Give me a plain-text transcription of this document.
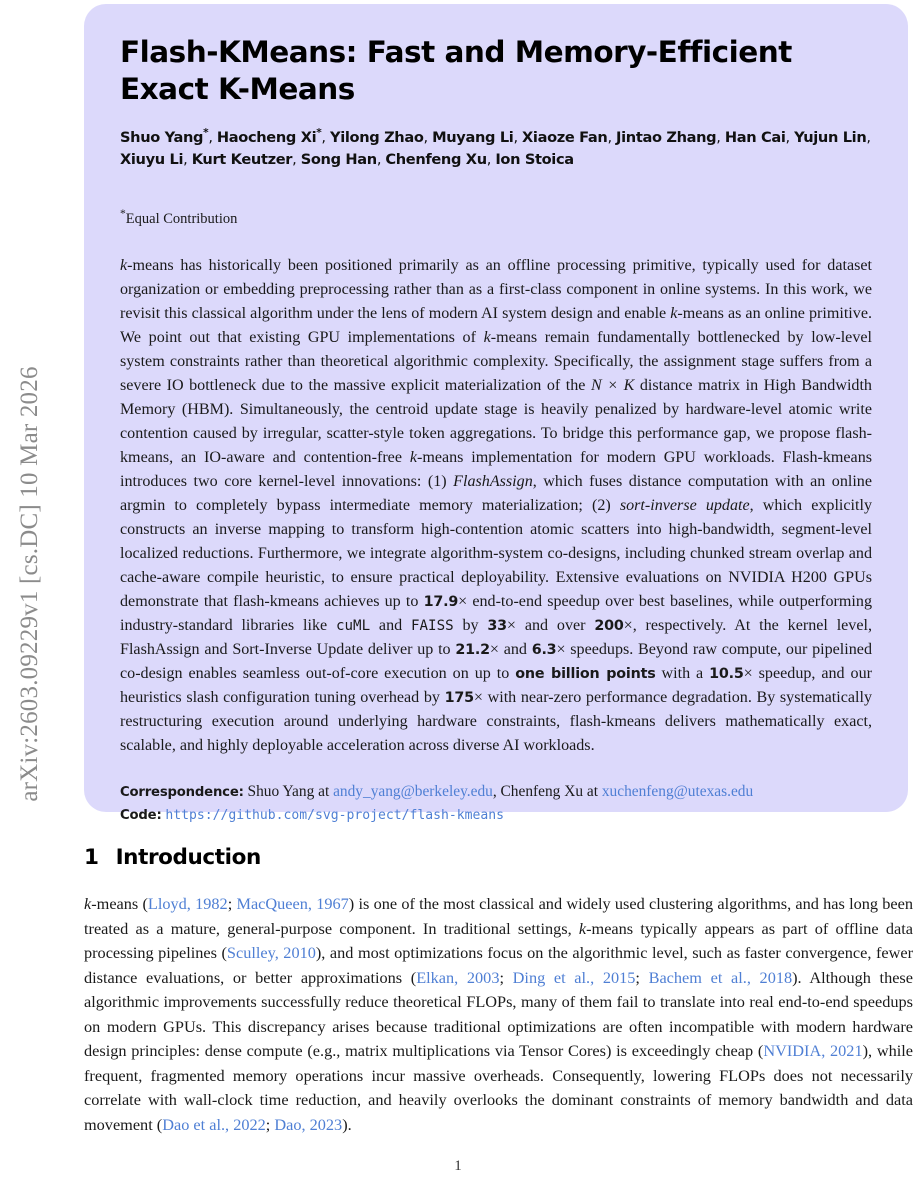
arXiv:2603.09229v1 [cs.DC] 10 Mar 2026
Flash-KMeans: Fast and Memory-Efficient Exact K-Means
Shuo Yang*, Haocheng Xi*, Yilong Zhao, Muyang Li, Xiaoze Fan, Jintao Zhang, Han Cai, Yujun Lin, Xiuyu Li, Kurt Keutzer, Song Han, Chenfeng Xu, Ion Stoica

*Equal Contribution

k-means has historically been positioned primarily as an offline processing primitive, typically used for dataset organization or embedding preprocessing rather than as a first-class component in online systems. In this work, we revisit this classical algorithm under the lens of modern AI system design and enable k-means as an online primitive. We point out that existing GPU implementations of k-means remain fundamentally bottlenecked by low-level system constraints rather than theoretical algorithmic complexity. Specifically, the assignment stage suffers from a severe IO bottleneck due to the massive explicit materialization of the N × K distance matrix in High Bandwidth Memory (HBM). Simultaneously, the centroid update stage is heavily penalized by hardware-level atomic write contention caused by irregular, scatter-style token aggregations. To bridge this performance gap, we propose flash-kmeans, an IO-aware and contention-free k-means implementation for modern GPU workloads. Flash-kmeans introduces two core kernel-level innovations: (1) FlashAssign, which fuses distance computation with an online argmin to completely bypass intermediate memory materialization; (2) sort-inverse update, which explicitly constructs an inverse mapping to transform high-contention atomic scatters into high-bandwidth, segment-level localized reductions. Furthermore, we integrate algorithm-system co-designs, including chunked stream overlap and cache-aware compile heuristic, to ensure practical deployability. Extensive evaluations on NVIDIA H200 GPUs demonstrate that flash-kmeans achieves up to 17.9× end-to-end speedup over best baselines, while outperforming industry-standard libraries like cuML and FAISS by 33× and over 200×, respectively. At the kernel level, FlashAssign and Sort-Inverse Update deliver up to 21.2× and 6.3× speedups. Beyond raw compute, our pipelined co-design enables seamless out-of-core execution on up to one billion points with a 10.5× speedup, and our heuristics slash configuration tuning overhead by 175× with near-zero performance degradation. By systematically restructuring execution around underlying hardware constraints, flash-kmeans delivers mathematically exact, scalable, and highly deployable acceleration across diverse AI workloads.

Correspondence: Shuo Yang at andy_yang@berkeley.edu, Chenfeng Xu at xuchenfeng@utexas.edu
Code: https://github.com/svg-project/flash-kmeans
1 Introduction

k-means (Lloyd, 1982; MacQueen, 1967) is one of the most classical and widely used clustering algorithms, and has long been treated as a mature, general-purpose component. In traditional settings, k-means typically appears as part of offline data processing pipelines (Sculley, 2010), and most optimizations focus on the algorithmic level, such as faster convergence, fewer distance evaluations, or better approximations (Elkan, 2003; Ding et al., 2015; Bachem et al., 2018). Although these algorithmic improvements successfully reduce theoretical FLOPs, many of them fail to translate into real end-to-end speedups on modern GPUs. This discrepancy arises because traditional optimizations are often incompatible with modern hardware design principles: dense compute (e.g., matrix multiplications via Tensor Cores) is exceedingly cheap (NVIDIA, 2021), while frequent, fragmented memory operations incur massive overheads. Consequently, lowering FLOPs does not necessarily correlate with wall-clock time reduction, and heavily overlooks the dominant constraints of memory bandwidth and data movement (Dao et al., 2022; Dao, 2023).

1
